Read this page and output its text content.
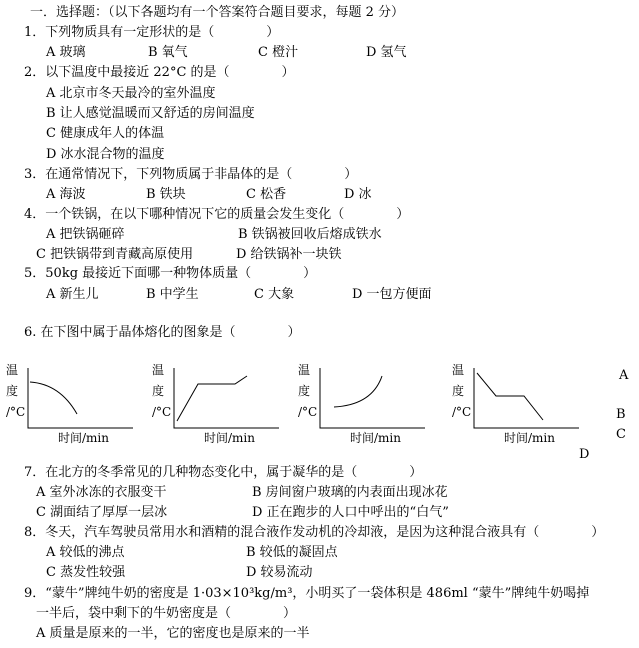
一．选择题：（以下各题均有一个答案符合题目要求，每题 2 分）
1．下列物质具有一定形状的是（　　　　）
A 玻璃	B 氧气	C 橙汁	D 氢气
2．以下温度中最接近 22°C 的是（　　　　）
A 北京市冬天最冷的室外温度
B 让人感觉温暖而又舒适的房间温度
C 健康成年人的体温
D 冰水混合物的温度
3．在通常情况下，下列物质属于非晶体的是（　　　　）
A 海波	B 铁块	C 松香	D 冰
4．一个铁锅，在以下哪种情况下它的质量会发生变化（　　　　）
A 把铁锅砸碎	B 铁锅被回收后熔成铁水
C 把铁锅带到青藏高原使用	D 给铁锅补一块铁
5．50kg 最接近下面哪一种物体质量（　　　　）
A 新生儿	B 中学生	C 大象	D 一包方便面
6. 在下图中属于晶体熔化的图象是（　　　　）
温
度
/°C
时间/min
温
度
/°C
时间/min
温
度
/°C
时间/min
温
度
/°C
时间/min
A
B
C
D
7．在北方的冬季常见的几种物态变化中，属于凝华的是（　　　　）
A 室外冰冻的衣服变干	B 房间窗户玻璃的内表面出现冰花
C 湖面结了厚厚一层冰	D 正在跑步的人口中呼出的“白气”
8．冬天，汽车驾驶员常用水和酒精的混合液作发动机的冷却液，是因为这种混合液具有（　　　　）
A 较低的沸点	B 较低的凝固点
C 蒸发性较强	D 较易流动
9．“蒙牛”牌纯牛奶的密度是 1·03×10³kg/m³，小明买了一袋体积是 486ml “蒙牛”牌纯牛奶喝掉
一半后，袋中剩下的牛奶密度是（　　　　）
A 质量是原来的一半，它的密度也是原来的一半
